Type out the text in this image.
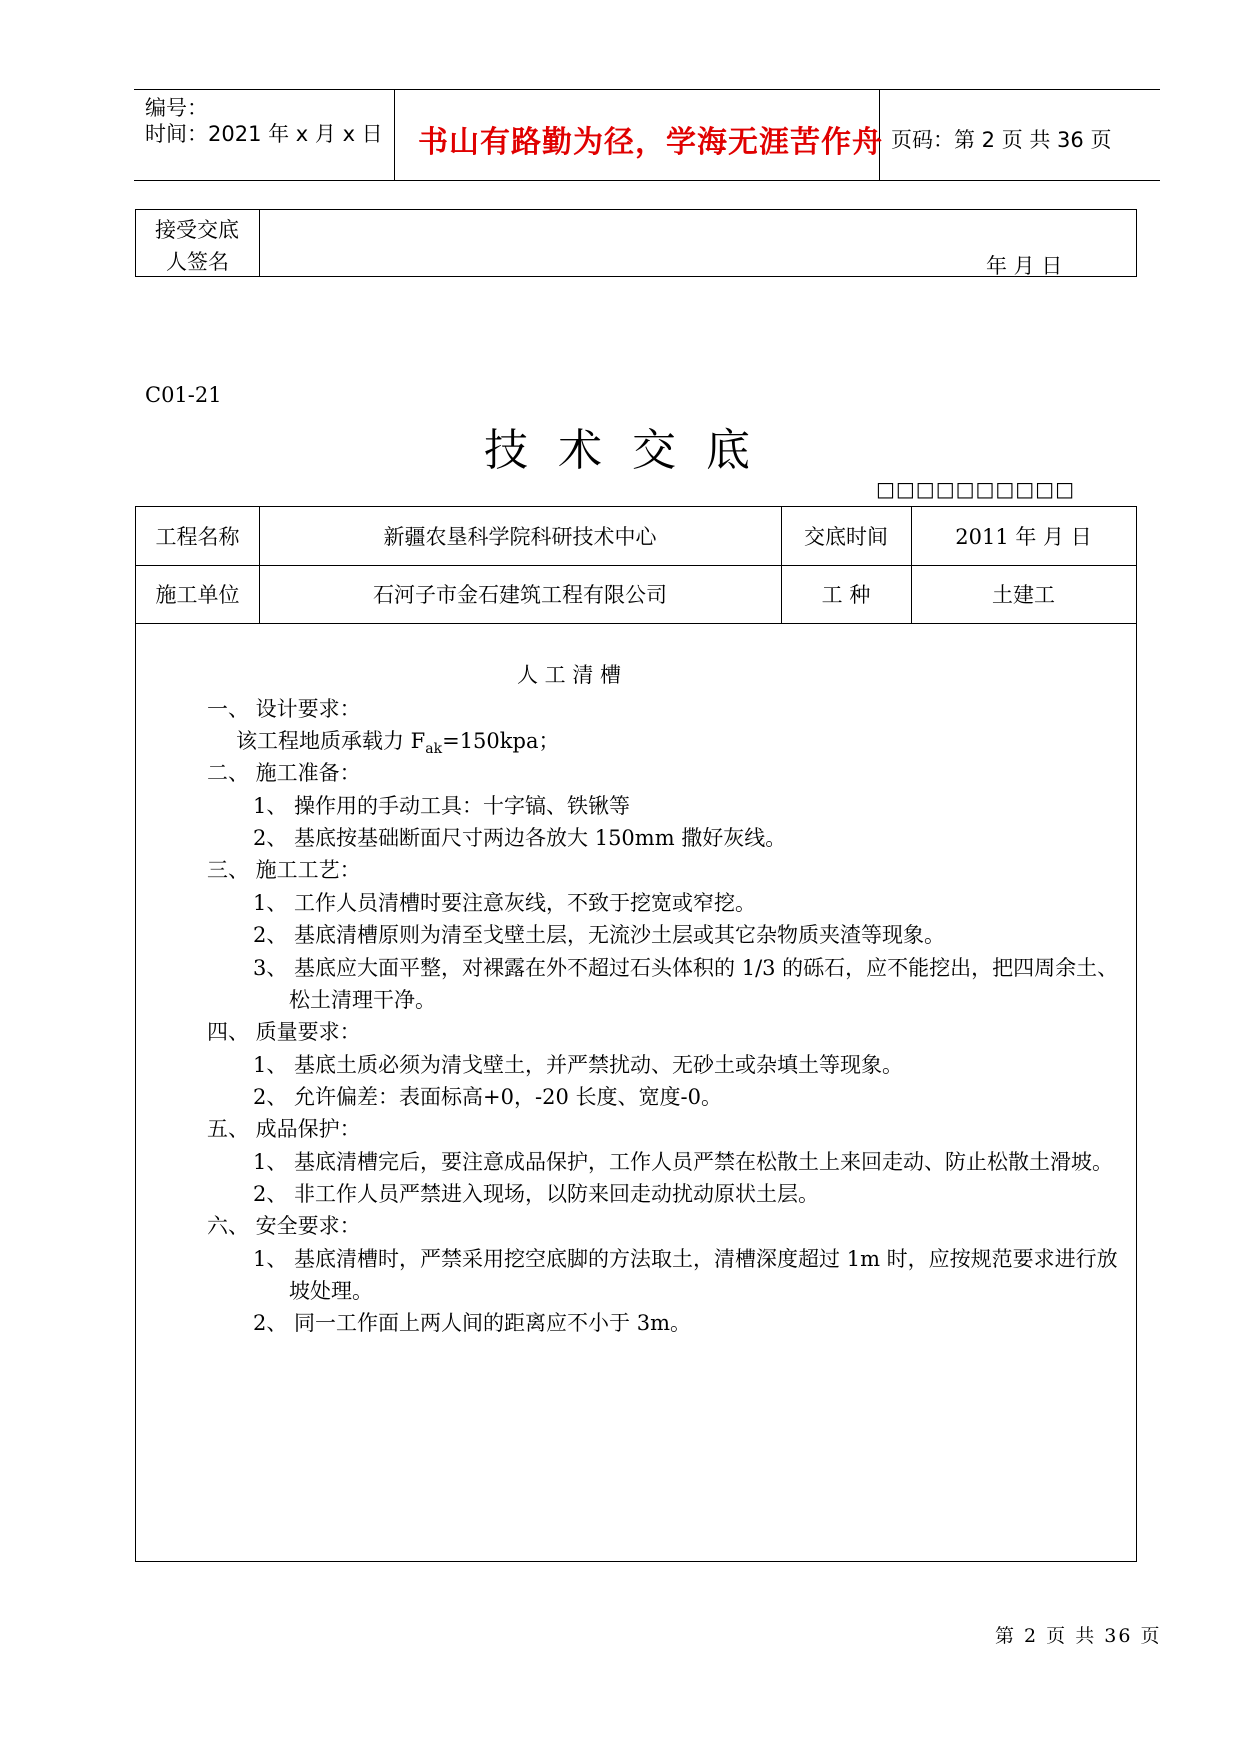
编号：
时间：2021 年 x 月 x 日 书山有路勤为径，学海无涯苦作舟 页码：第 2 页 共 36 页
接受交底
人签名	年 月 日
C01-21
技术交底
□□□□□□□□□□
工程名称	新疆农垦科学院科研技术中心	交底时间	2011 年 月 日
施工单位	石河子市金石建筑工程有限公司	工 种	土建工
人 工 清 槽
一、 设计要求：
该工程地质承载力 $F_{ak}=150kpa$；
二、 施工准备：
1、 操作用的手动工具：十字镐、铁锹等
2、 基底按基础断面尺寸两边各放大 150mm 撒好灰线。
三、 施工工艺：
1、 工作人员清槽时要注意灰线，不致于挖宽或窄挖。
2、 基底清槽原则为清至戈壁土层，无流沙土层或其它杂物质夹渣等现象。
3、 基底应大面平整，对裸露在外不超过石头体积的 1/3 的砾石，应不能挖出，把四周余土、
松土清理干净。
四、 质量要求：
1、 基底土质必须为清戈壁土，并严禁扰动、无砂土或杂填土等现象。
2、 允许偏差：表面标高+0，-20 长度、宽度-0。
五、 成品保护：
1、 基底清槽完后，要注意成品保护，工作人员严禁在松散土上来回走动、防止松散土滑坡。
2、 非工作人员严禁进入现场，以防来回走动扰动原状土层。
六、 安全要求：
1、 基底清槽时，严禁采用挖空底脚的方法取土，清槽深度超过 1m 时，应按规范要求进行放
坡处理。
2、 同一工作面上两人间的距离应不小于 3m。
第 2 页 共 36 页
